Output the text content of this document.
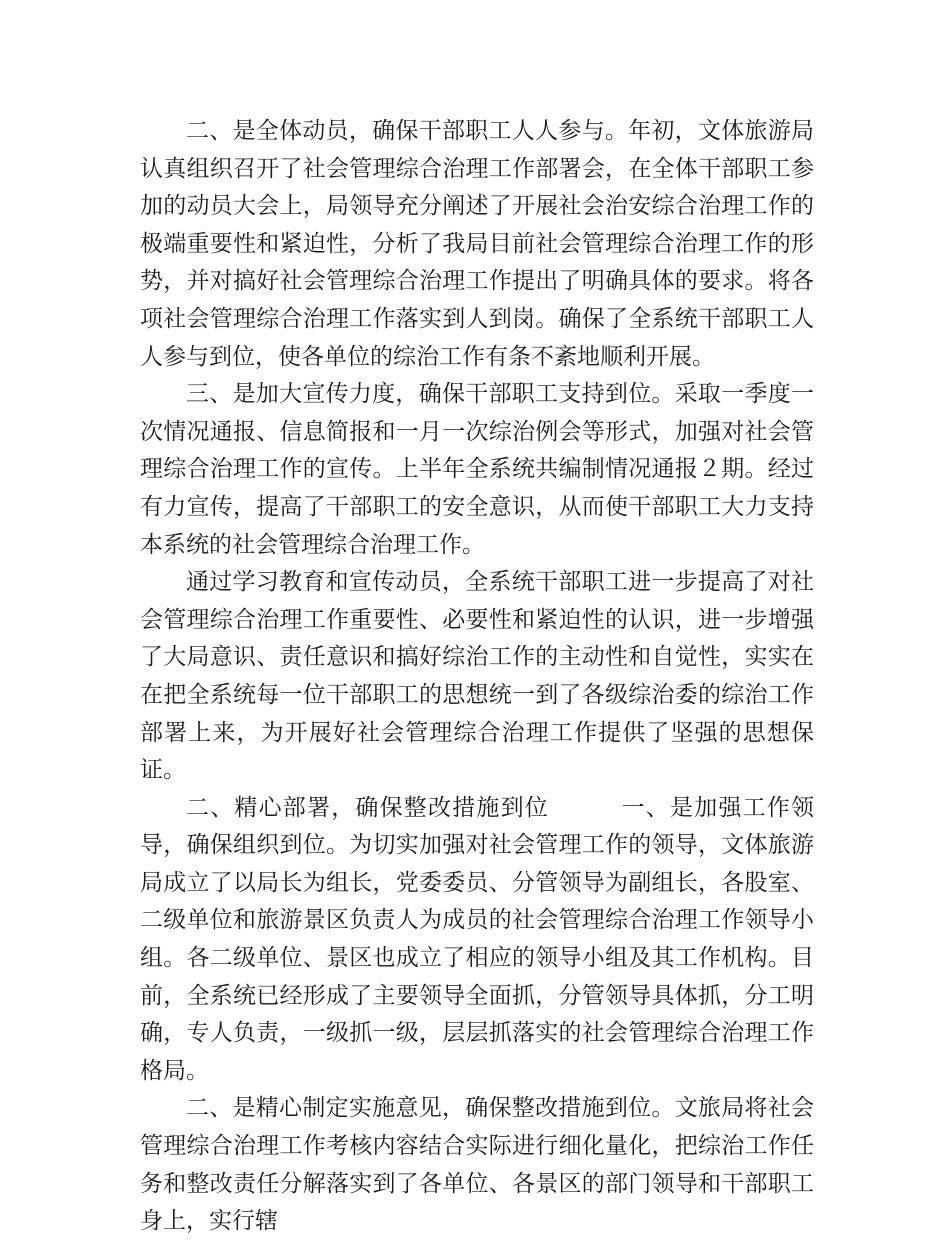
二、是全体动员，确保干部职工人人参与。年初，文体旅游局认真组织召开了社会管理综合治理工作部署会，在全体干部职工参加的动员大会上，局领导充分阐述了开展社会治安综合治理工作的极端重要性和紧迫性，分析了我局目前社会管理综合治理工作的形势，并对搞好社会管理综合治理工作提出了明确具体的要求。将各项社会管理综合治理工作落实到人到岗。确保了全系统干部职工人人参与到位，使各单位的综治工作有条不紊地顺利开展。

三、是加大宣传力度，确保干部职工支持到位。采取一季度一次情况通报、信息简报和一月一次综治例会等形式，加强对社会管理综合治理工作的宣传。上半年全系统共编制情况通报２期。经过有力宣传，提高了干部职工的安全意识，从而使干部职工大力支持本系统的社会管理综合治理工作。

通过学习教育和宣传动员，全系统干部职工进一步提高了对社会管理综合治理工作重要性、必要性和紧迫性的认识，进一步增强了大局意识、责任意识和搞好综治工作的主动性和自觉性，实实在在把全系统每一位干部职工的思想统一到了各级综治委的综治工作部署上来，为开展好社会管理综合治理工作提供了坚强的思想保证。

二、精心部署，确保整改措施到位　　　一、是加强工作领导，确保组织到位。为切实加强对社会管理工作的领导，文体旅游局成立了以局长为组长，党委委员、分管领导为副组长，各股室、二级单位和旅游景区负责人为成员的社会管理综合治理工作领导小组。各二级单位、景区也成立了相应的领导小组及其工作机构。目前，全系统已经形成了主要领导全面抓，分管领导具体抓，分工明确，专人负责，一级抓一级，层层抓落实的社会管理综合治理工作格局。

二、是精心制定实施意见，确保整改措施到位。文旅局将社会管理综合治理工作考核内容结合实际进行细化量化，把综治工作任务和整改责任分解落实到了各单位、各景区的部门领导和干部职工身上，实行辖
